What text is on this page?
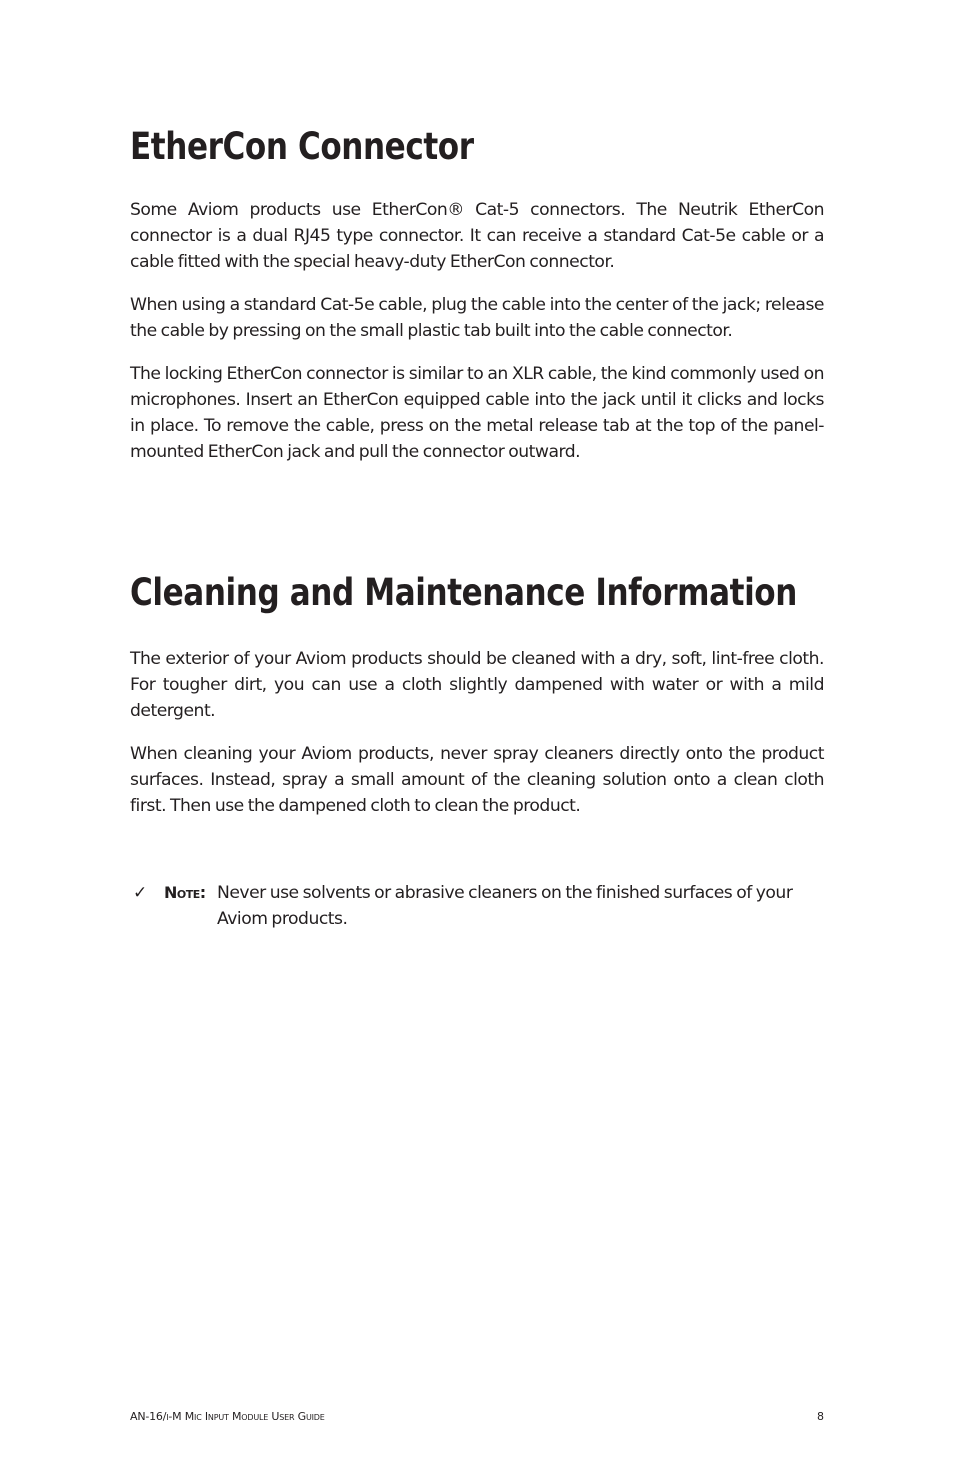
EtherCon Connector

Some Aviom products use EtherCon® Cat-5 connectors. The Neutrik EtherCon connector is a dual RJ45 type connector. It can receive a standard Cat-5e cable or a cable fitted with the special heavy-duty EtherCon connector.

When using a standard Cat-5e cable, plug the cable into the center of the jack; release the cable by pressing on the small plastic tab built into the cable connector.

The locking EtherCon connector is similar to an XLR cable, the kind commonly used on microphones. Insert an EtherCon equipped cable into the jack until it clicks and locks in place. To remove the cable, press on the metal release tab at the top of the panel-mounted EtherCon jack and pull the connector outward.

Cleaning and Maintenance Information

The exterior of your Aviom products should be cleaned with a dry, soft, lint-free cloth. For tougher dirt, you can use a cloth slightly dampened with water or with a mild detergent.

When cleaning your Aviom products, never spray cleaners directly onto the product surfaces. Instead, spray a small amount of the cleaning solution onto a clean cloth first. Then use the dampened cloth to clean the product.

✓ Note: Never use solvents or abrasive cleaners on the finished surfaces of your Aviom products.
AN-16/i-M Mic Input Module User Guide	8
